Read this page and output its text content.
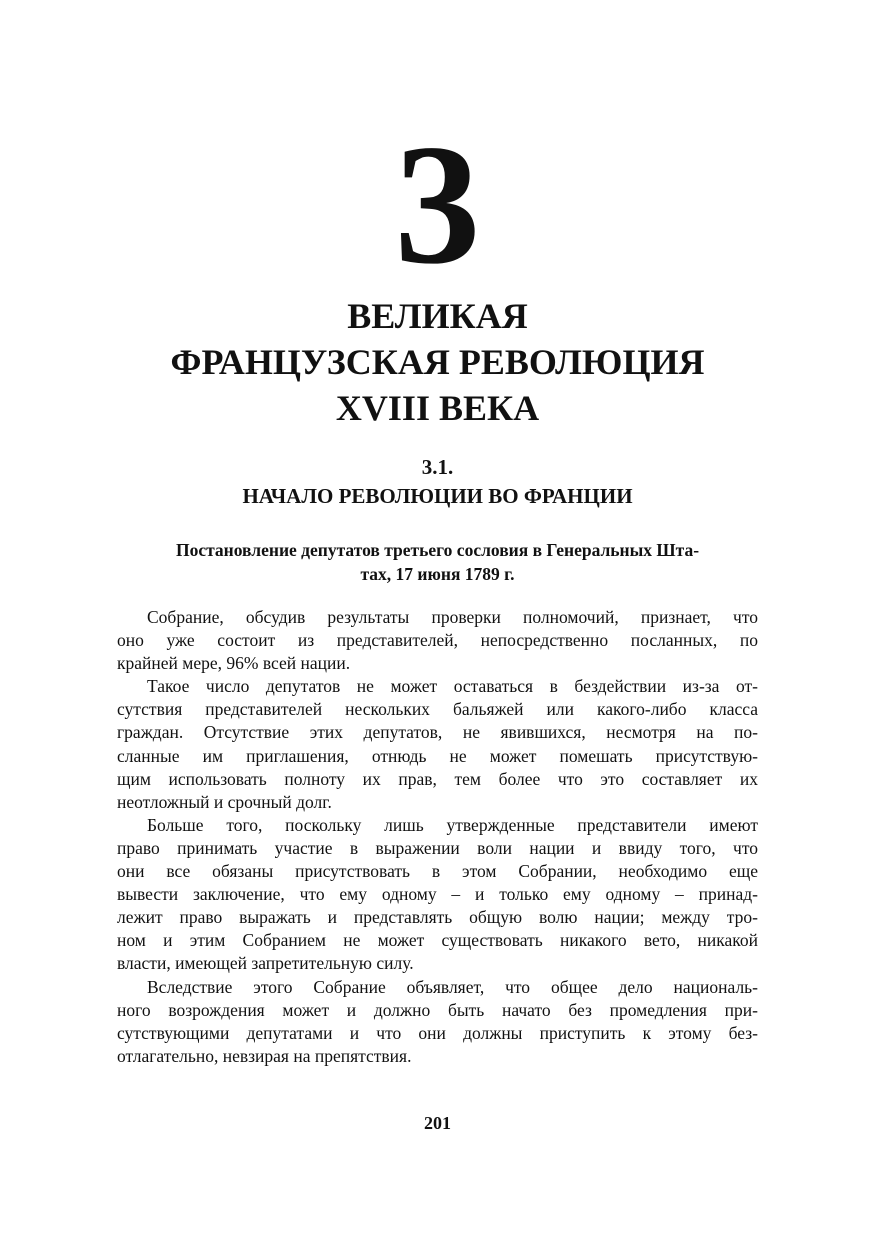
3
ВЕЛИКАЯ
ФРАНЦУЗСКАЯ РЕВОЛЮЦИЯ
XVIII ВЕКА
3.1.
НАЧАЛО РЕВОЛЮЦИИ ВО ФРАНЦИИ
Постановление депутатов третьего сословия в Генеральных Шта-
тах, 17 июня 1789 г.
Собрание, обсудив результаты проверки полномочий, признает, что
оно уже состоит из представителей, непосредственно посланных, по
крайней мере, 96% всей нации.
Такое число депутатов не может оставаться в бездействии из-за от-
сутствия представителей нескольких бальяжей или какого-либо класса
граждан. Отсутствие этих депутатов, не явившихся, несмотря на по-
сланные им приглашения, отнюдь не может помешать присутствую-
щим использовать полноту их прав, тем более что это составляет их
неотложный и срочный долг.
Больше того, поскольку лишь утвержденные представители имеют
право принимать участие в выражении воли нации и ввиду того, что
они все обязаны присутствовать в этом Собрании, необходимо еще
вывести заключение, что ему одному – и только ему одному – принад-
лежит право выражать и представлять общую волю нации; между тро-
ном и этим Собранием не может существовать никакого вето, никакой
власти, имеющей запретительную силу.
Вследствие этого Собрание объявляет, что общее дело националь-
ного возрождения может и должно быть начато без промедления при-
сутствующими депутатами и что они должны приступить к этому без-
отлагательно, невзирая на препятствия.
201
